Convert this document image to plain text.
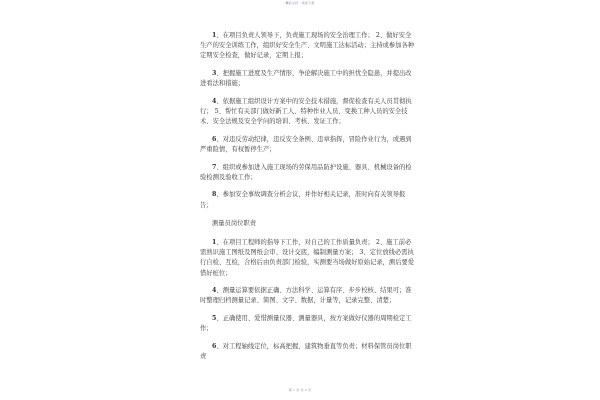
精品文档 · 欢迎下载

1、在项目负责人领导下，负责施工现场的安全治理工作； 2、做好安全生产的安全训练工作，组织好安全生产、文明施工达标活动；主持或参加各种定期安全检查，做好记录，定期上报；

3、把握施工进度及生产情形，争论解决施工中的担忧全隐患，并提出改进看法和措施；

4、依据施工组织设计方案中的安全技术措施，督促检查有关人员贯彻执行； 5、帮忙有关部门做好新工人、特种作业人员、变换工种人员的安全技术、安全法规及安全学问的培训、考核、发证工作；

6、对违反劳动纪律，违反安全条例、违章指挥，冒险作业行为，或遇到严重险情，有权暂停生产；

7、组织或参加进入施工现场的劳保用品防护设施、器具、机械设备的检验检测及验收工作；

8、参加安全事故调查分析会议，并作好相关记录，准时向有关领导报告；

测量员岗位职责

1、在项目工程师的指导下工作，对自己的工作质量负责； 2、施工前必需熟识施工图纸及图纸会审、设计交底，编制测量方案； 3、定位放线必需执行自检、互检，合格后由负责部门检验，实测要当场做好原始记录，测后要爱惜好桩位；

4、测量运算要依据正确、方法科学、运算有序、步步校核、结果可；准时整理归档测量记录、简图、文字、数据，计量等，记录完整、清楚；

5、正确使用、爱惜测量仪器、测量器具，按方案做好仪器的周期检定工作；

6、对工程轴线定位，标高把握，建筑物垂直等负责；材料保管员岗位职责

第 1 页 共 2 页
